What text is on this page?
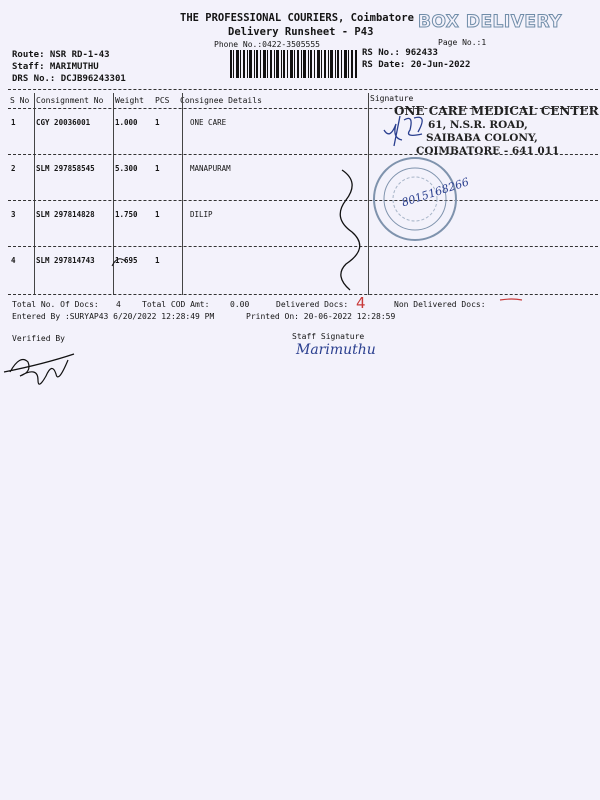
THE PROFESSIONAL COURIERS, Coimbatore BOX DELIVERY
Delivery Runsheet - P43
Phone No.:0422-3505555	Page No.:1
Route: NSR RD-1-43
Staff: MARIMUTHU
DRS No.: DCJB96243301
RS No.: 962433
RS Date: 20-Jun-2022
S No Consignment No Weight PCS Consignee Details	Signature
1	CGY 20036001	1.000 1	ONE CARE
2	SLM 297858545	5.300 1	MANAPURAM
3	SLM 297814828	1.750 1	DILIP
4	SLM 297814743	1.695 1
ONE CARE MEDICAL CENTER
61, N.S.R. ROAD,
SAIBABA COLONY,
COIMBATORE - 641 011
8015168266
4
Marimuthu
Total No. Of Docs: 4	Total COD Amt:	0.00	Delivered Docs:	Non Delivered Docs:
Entered By :SURYAP43 6/20/2022 12:28:49 PM	Printed On: 20-06-2022 12:28:59
Verified By	Staff Signature
